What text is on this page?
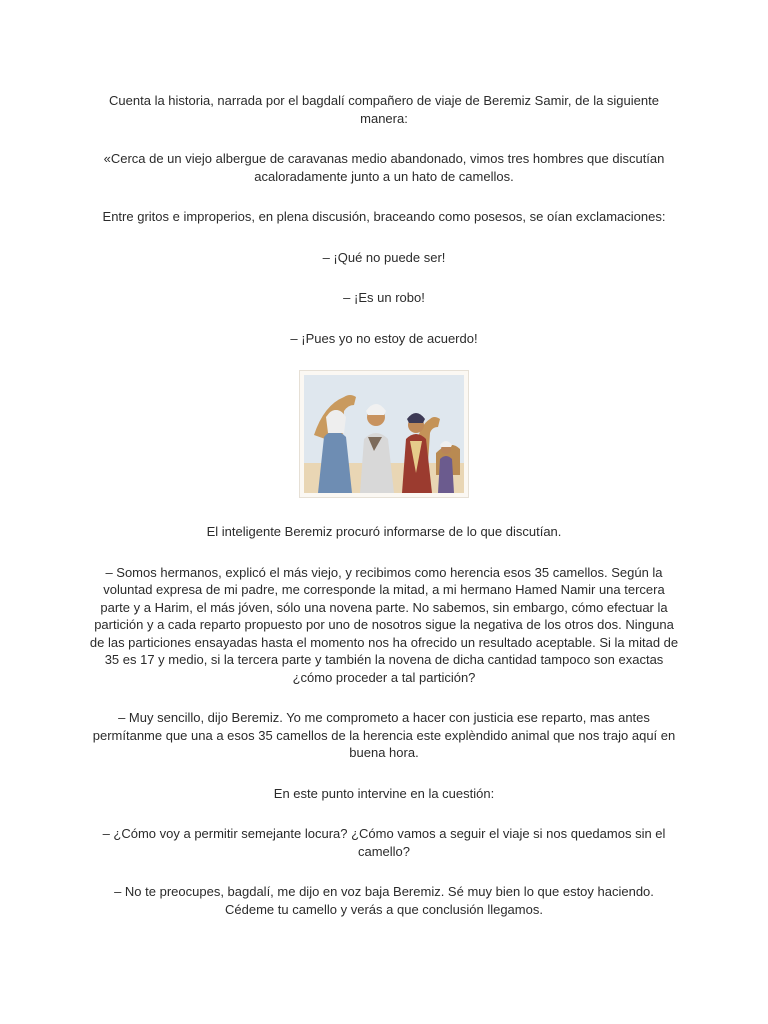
Cuenta la historia, narrada por el bagdalí compañero de viaje de Beremiz Samir, de la siguiente manera:

«Cerca de un viejo albergue de caravanas medio abandonado, vimos tres hombres que discutían acaloradamente junto a un hato de camellos.

Entre gritos e improperios, en plena discusión, braceando como posesos, se oían exclamaciones:

– ¡Qué no puede ser!

– ¡Es un robo!

– ¡Pues yo no estoy de acuerdo!

El inteligente Beremiz procuró informarse de lo que discutían.

– Somos hermanos, explicó el más viejo, y recibimos como herencia esos 35 camellos. Según la voluntad expresa de mi padre, me corresponde la mitad, a mi hermano Hamed Namir una tercera parte y a Harim, el más jóven, sólo una novena parte. No sabemos, sin embargo, cómo efectuar la partición y a cada reparto propuesto por uno de nosotros sigue la negativa de los otros dos. Ninguna de las particiones ensayadas hasta el momento nos ha ofrecido un resultado aceptable. Si la mitad de 35 es 17 y medio, si la tercera parte y también la novena de dicha cantidad tampoco son exactas ¿cómo proceder a tal partición?

– Muy sencillo, dijo Beremiz. Yo me comprometo a hacer con justicia ese reparto, mas antes permítanme que una a esos 35 camellos de la herencia este explèndido animal que nos trajo aquí en buena hora.

En este punto intervine en la cuestión:

– ¿Cómo voy a permitir semejante locura? ¿Cómo vamos a seguir el viaje si nos quedamos sin el camello?

– No te preocupes, bagdalí, me dijo en voz baja Beremiz. Sé muy bien lo que estoy haciendo. Cédeme tu camello y verás a que conclusión llegamos.
